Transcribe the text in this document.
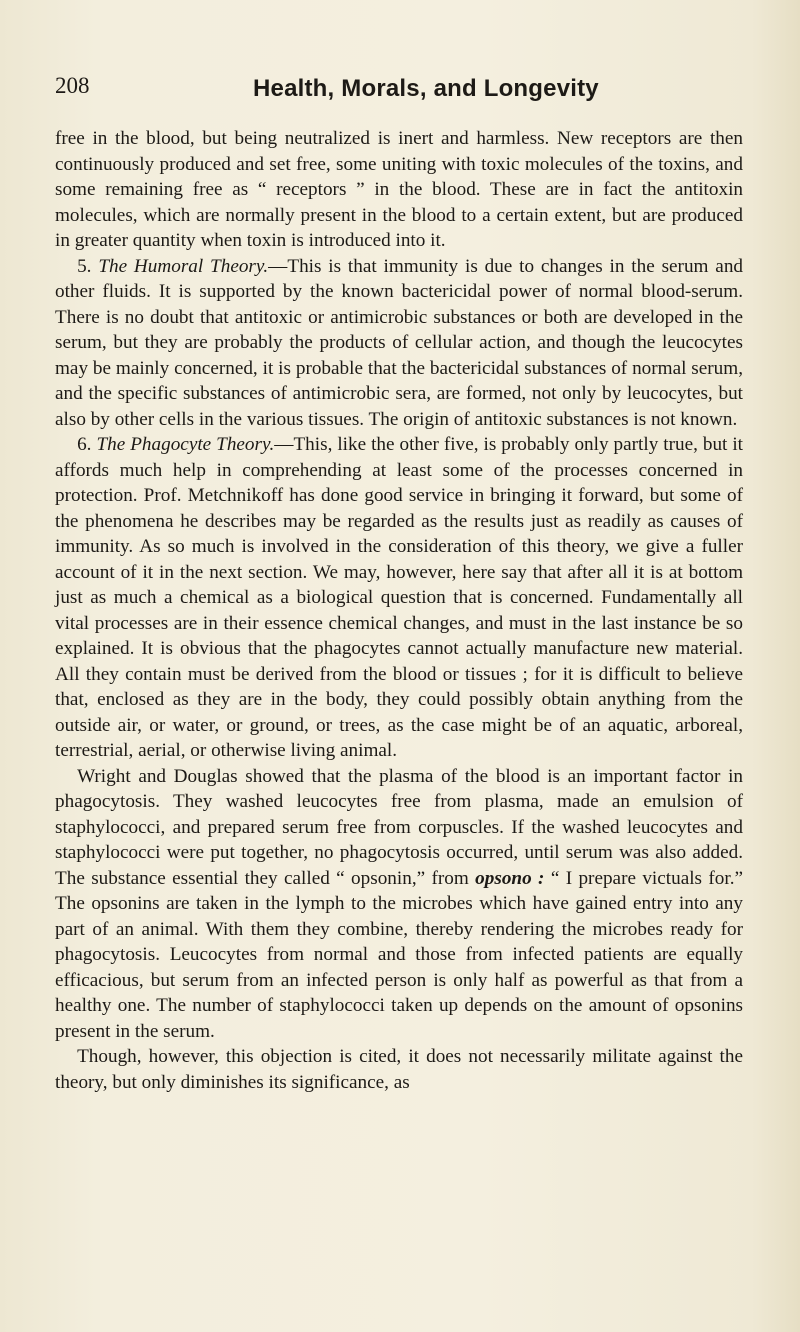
208	Health, Morals, and Longevity

free in the blood, but being neutralized is inert and harmless. New receptors are then continuously produced and set free, some uniting with toxic molecules of the toxins, and some remaining free as “ receptors ” in the blood. These are in fact the antitoxin molecules, which are normally present in the blood to a certain extent, but are produced in greater quantity when toxin is introduced into it.

5. The Humoral Theory.—This is that immunity is due to changes in the serum and other fluids. It is supported by the known bactericidal power of normal blood-serum. There is no doubt that antitoxic or antimicrobic substances or both are developed in the serum, but they are probably the products of cellular action, and though the leucocytes may be mainly concerned, it is probable that the bactericidal substances of normal serum, and the specific substances of antimicrobic sera, are formed, not only by leucocytes, but also by other cells in the various tissues. The origin of antitoxic substances is not known.

6. The Phagocyte Theory.—This, like the other five, is probably only partly true, but it affords much help in comprehending at least some of the processes concerned in protection. Prof. Metchnikoff has done good service in bringing it forward, but some of the phenomena he describes may be regarded as the results just as readily as causes of immunity. As so much is involved in the consideration of this theory, we give a fuller account of it in the next section. We may, however, here say that after all it is at bottom just as much a chemical as a biological question that is concerned. Fundamentally all vital processes are in their essence chemical changes, and must in the last instance be so explained. It is obvious that the phagocytes cannot actually manufacture new material. All they contain must be derived from the blood or tissues ; for it is difficult to believe that, enclosed as they are in the body, they could possibly obtain anything from the outside air, or water, or ground, or trees, as the case might be of an aquatic, arboreal, terrestrial, aerial, or otherwise living animal.

Wright and Douglas showed that the plasma of the blood is an important factor in phagocytosis. They washed leucocytes free from plasma, made an emulsion of staphylococci, and prepared serum free from corpuscles. If the washed leucocytes and staphylococci were put together, no phagocytosis occurred, until serum was also added. The substance essential they called “ opsonin,” from opsono : “ I prepare victuals for.” The opsonins are taken in the lymph to the microbes which have gained entry into any part of an animal. With them they combine, thereby rendering the microbes ready for phagocytosis. Leucocytes from normal and those from infected patients are equally efficacious, but serum from an infected person is only half as powerful as that from a healthy one. The number of staphylococci taken up depends on the amount of opsonins present in the serum.

Though, however, this objection is cited, it does not necessarily militate against the theory, but only diminishes its significance, as
